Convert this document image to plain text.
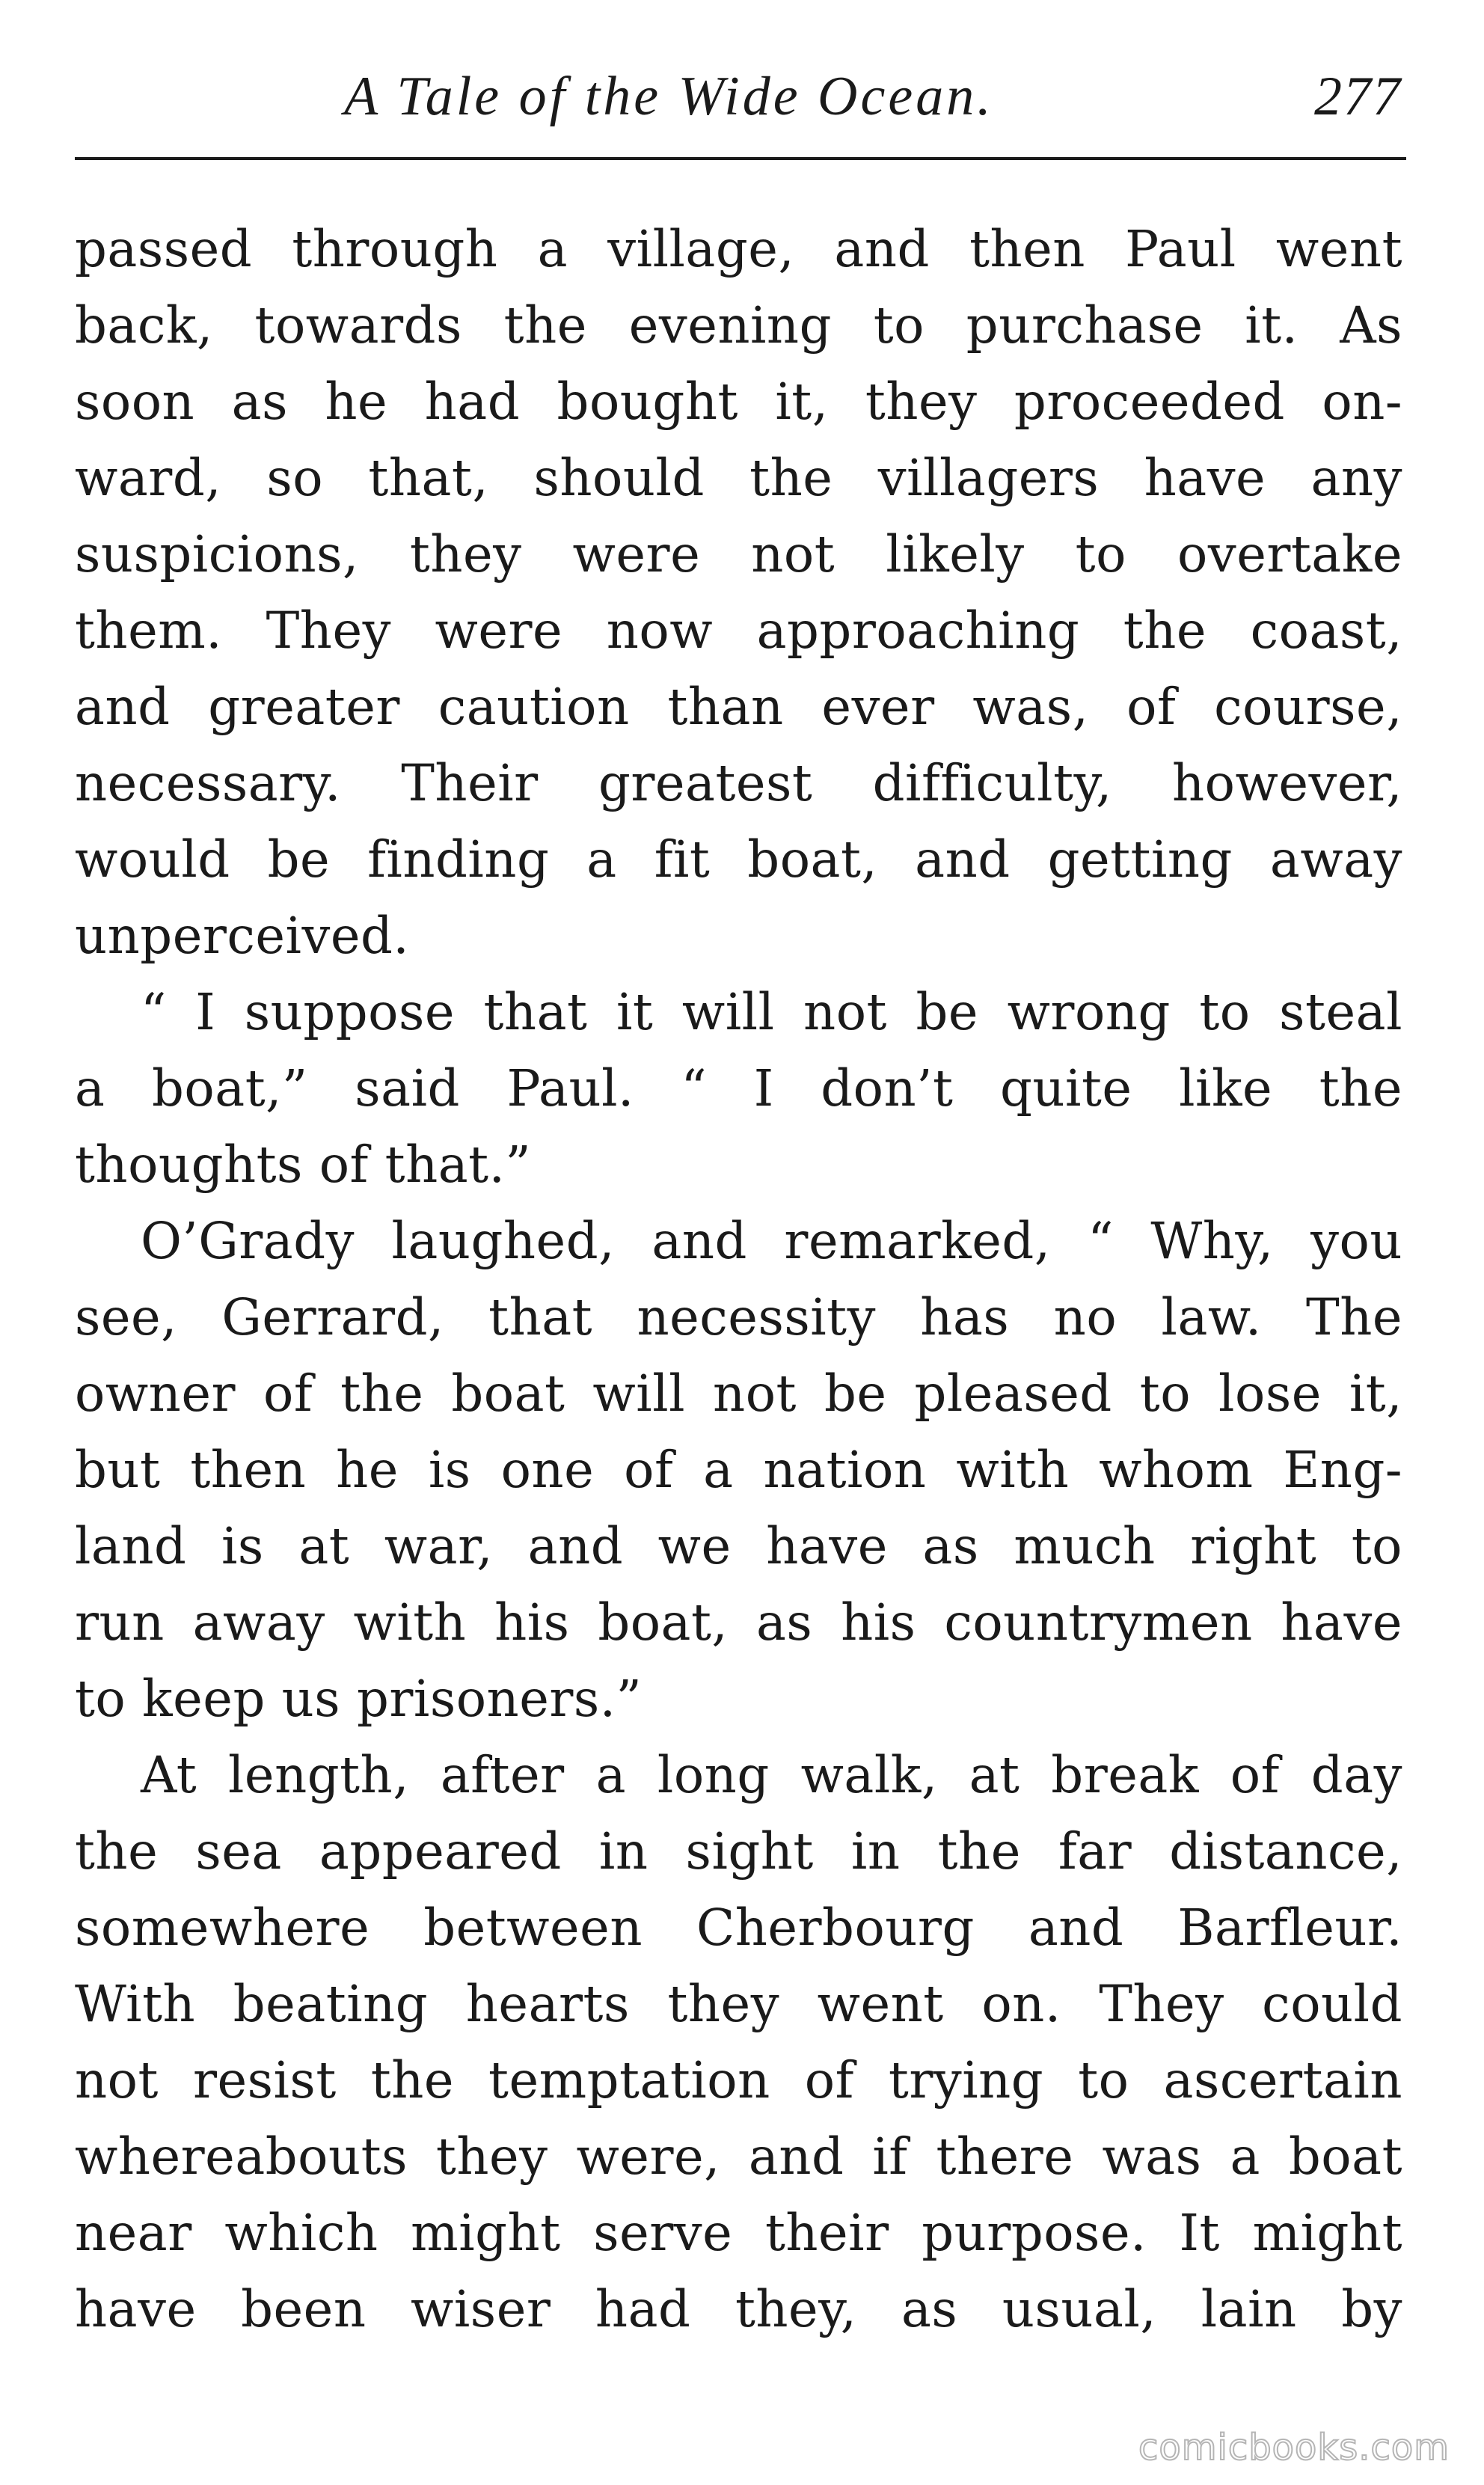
A Tale of the Wide Ocean.	277
passed through a village, and then Paul went
back, towards the evening to purchase it. As
soon as he had bought it, they proceeded on-
ward, so that, should the villagers have any
suspicions, they were not likely to overtake
them. They were now approaching the coast,
and greater caution than ever was, of course,
necessary. Their greatest difficulty, however,
would be finding a fit boat, and getting away
unperceived.
“ I suppose that it will not be wrong to steal
a boat,” said Paul. “ I don’t quite like the
thoughts of that.”
O’Grady laughed, and remarked, “ Why, you
see, Gerrard, that necessity has no law. The
owner of the boat will not be pleased to lose it,
but then he is one of a nation with whom Eng-
land is at war, and we have as much right to
run away with his boat, as his countrymen have
to keep us prisoners.”
At length, after a long walk, at break of day
the sea appeared in sight in the far distance,
somewhere between Cherbourg and Barfleur.
With beating hearts they went on. They could
not resist the temptation of trying to ascertain
whereabouts they were, and if there was a boat
near which might serve their purpose. It might
have been wiser had they, as usual, lain by
comicbooks.com
